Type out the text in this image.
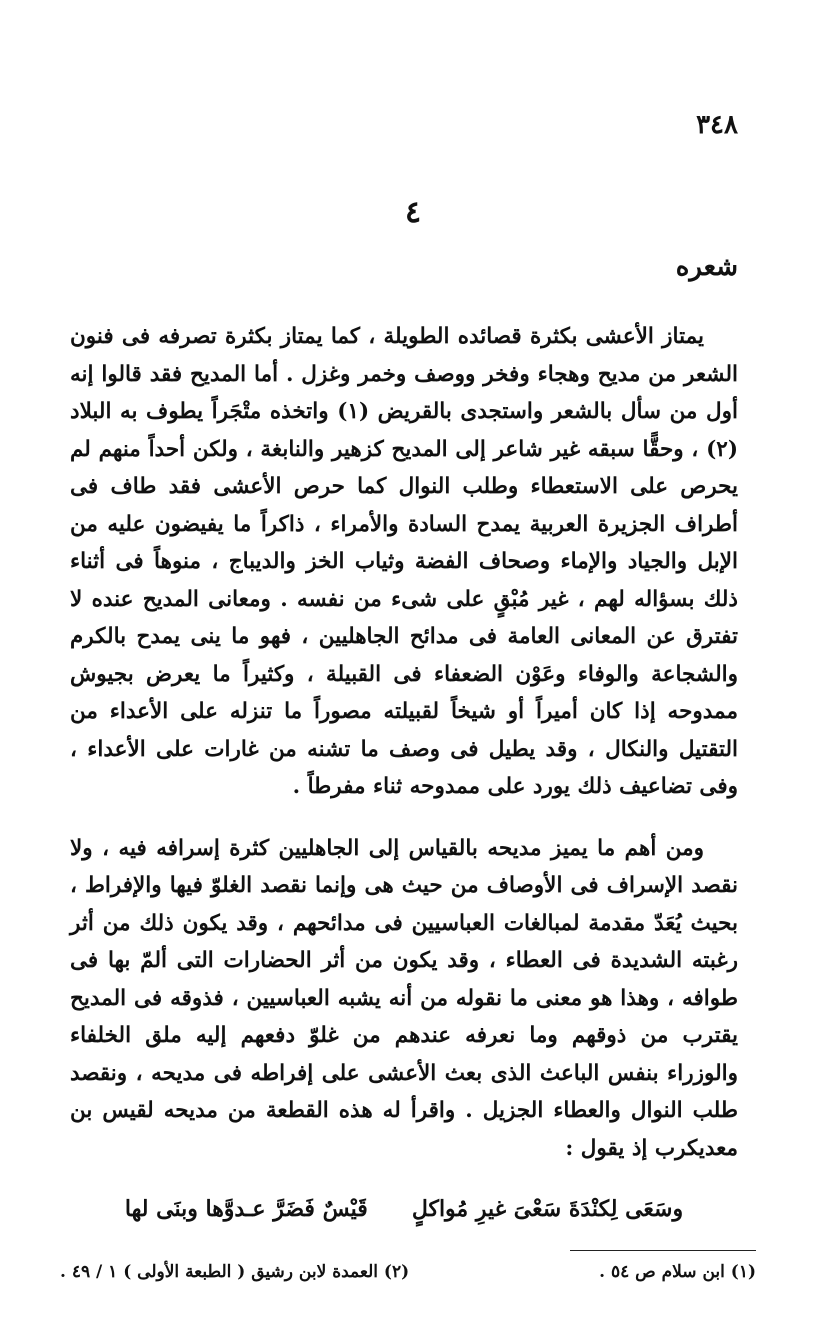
٣٤٨
٤
شعره

يمتاز الأعشى بكثرة قصائده الطويلة ، كما يمتاز بكثرة تصرفه فى فنون الشعر من مديح وهجاء وفخر ووصف وخمر وغزل . أما المديح فقد قالوا إنه أول من سأل بالشعر واستجدى بالقريض (١) واتخذه متْجَراً يطوف به البلاد (٢) ، وحقًّا سبقه غير شاعر إلى المديح كزهير والنابغة ، ولكن أحداً منهم لم يحرص على الاستعطاء وطلب النوال كما حرص الأعشى فقد طاف فى أطراف الجزيرة العربية يمدح السادة والأمراء ، ذاكراً ما يفيضون عليه من الإبل والجياد والإماء وصحاف الفضة وثياب الخز والديباج ، منوهاً فى أثناء ذلك بسؤاله لهم ، غير مُبْقٍ على شىء من نفسه . ومعانى المديح عنده لا تفترق عن المعانى العامة فى مدائح الجاهليين ، فهو ما ينى يمدح بالكرم والشجاعة والوفاء وعَوْن الضعفاء فى القبيلة ، وكثيراً ما يعرض بجيوش ممدوحه إذا كان أميراً أو شيخاً لقبيلته مصوراً ما تنزله على الأعداء من التقتيل والنكال ، وقد يطيل فى وصف ما تشنه من غارات على الأعداء ، وفى تضاعيف ذلك يورد على ممدوحه ثناء مفرطاً .

ومن أهم ما يميز مديحه بالقياس إلى الجاهليين كثرة إسرافه فيه ، ولا نقصد الإسراف فى الأوصاف من حيث هى وإنما نقصد الغلوّ فيها والإفراط ، بحيث يُعَدّ مقدمة لمبالغات العباسيين فى مدائحهم ، وقد يكون ذلك من أثر رغبته الشديدة فى العطاء ، وقد يكون من أثر الحضارات التى ألمّ بها فى طوافه ، وهذا هو معنى ما نقوله من أنه يشبه العباسيين ، فذوقه فى المديح يقترب من ذوقهم وما نعرفه عندهم من غلوّ دفعهم إليه ملق الخلفاء والوزراء بنفس الباعث الذى بعث الأعشى على إفراطه فى مديحه ، ونقصد طلب النوال والعطاء الجزيل . واقرأ له هذه القطعة من مديحه لقيس بن معديكرب إذ يقول :

وسَعَى لِكنْدَةَ سَعْىَ غيرِ مُواكلٍ
قَيْسٌ فَضَرَّ عـدوَّها وبنَى لها
(١) ابن سلام ص ٥٤ .
(٢) العمدة لابن رشيق ( الطبعة الأولى ) ١ / ٤٩ .
